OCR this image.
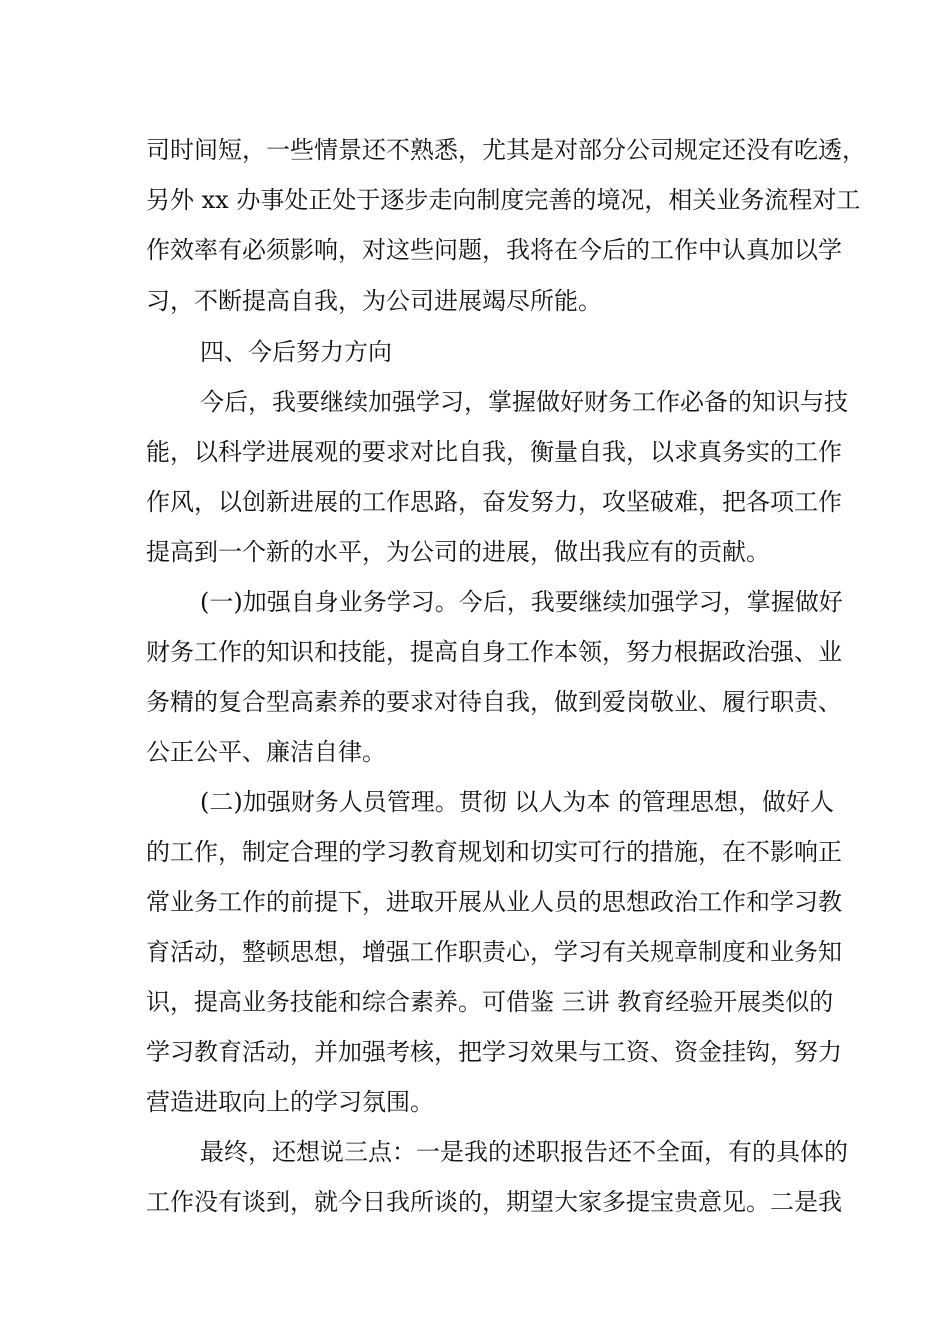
司时间短，一些情景还不熟悉，尤其是对部分公司规定还没有吃透，
另外 xx 办事处正处于逐步走向制度完善的境况，相关业务流程对工
作效率有必须影响，对这些问题，我将在今后的工作中认真加以学
习，不断提高自我，为公司进展竭尽所能。
四、今后努力方向
今后，我要继续加强学习，掌握做好财务工作必备的知识与技
能，以科学进展观的要求对比自我，衡量自我，以求真务实的工作
作风，以创新进展的工作思路，奋发努力，攻坚破难，把各项工作
提高到一个新的水平，为公司的进展，做出我应有的贡献。
(一)加强自身业务学习。今后，我要继续加强学习，掌握做好
财务工作的知识和技能，提高自身工作本领，努力根据政治强、业
务精的复合型高素养的要求对待自我，做到爱岗敬业、履行职责、
公正公平、廉洁自律。
(二)加强财务人员管理。贯彻 以人为本 的管理思想，做好人
的工作，制定合理的学习教育规划和切实可行的措施，在不影响正
常业务工作的前提下，进取开展从业人员的思想政治工作和学习教
育活动，整顿思想，增强工作职责心，学习有关规章制度和业务知
识，提高业务技能和综合素养。可借鉴 三讲 教育经验开展类似的
学习教育活动，并加强考核，把学习效果与工资、资金挂钩，努力
营造进取向上的学习氛围。
最终，还想说三点：一是我的述职报告还不全面，有的具体的
工作没有谈到，就今日我所谈的，期望大家多提宝贵意见。二是我
